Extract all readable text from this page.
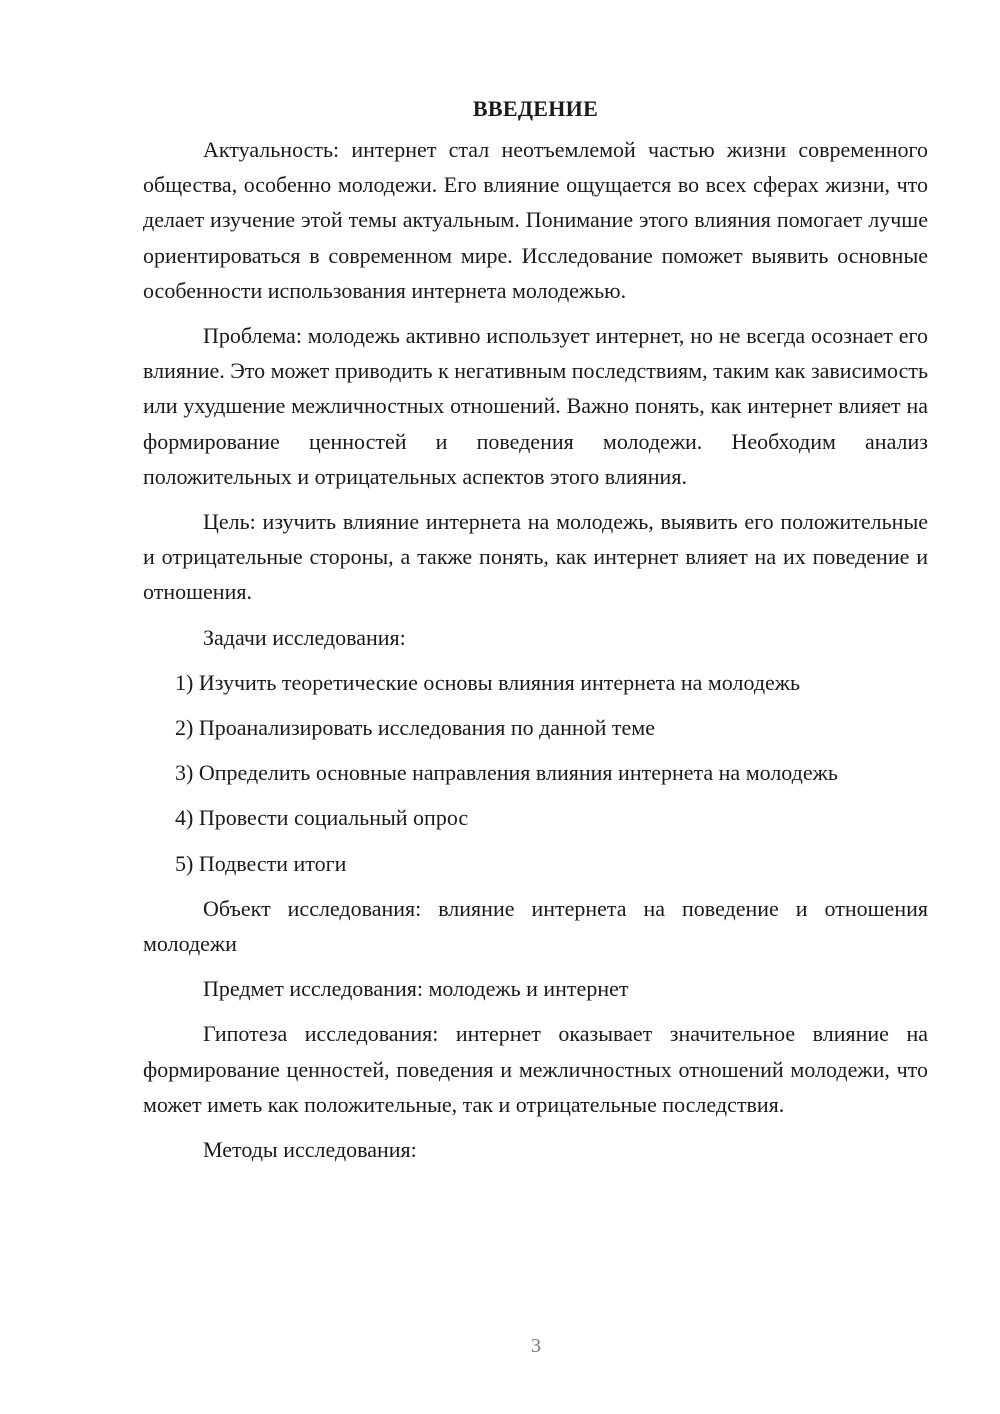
ВВЕДЕНИЕ

Актуальность: интернет стал неотъемлемой частью жизни современного общества, особенно молодежи. Его влияние ощущается во всех сферах жизни, что делает изучение этой темы актуальным. Понимание этого влияния помогает лучше ориентироваться в современном мире. Исследование поможет выявить основные особенности использования интернета молодежью.

Проблема: молодежь активно использует интернет, но не всегда осознает его влияние. Это может приводить к негативным последствиям, таким как зависимость или ухудшение межличностных отношений. Важно понять, как интернет влияет на формирование ценностей и поведения молодежи. Необходим анализ положительных и отрицательных аспектов этого влияния.

Цель: изучить влияние интернета на молодежь, выявить его положительные и отрицательные стороны, а также понять, как интернет влияет на их поведение и отношения.

Задачи исследования:

1) Изучить теоретические основы влияния интернета на молодежь
2) Проанализировать исследования по данной теме
3) Определить основные направления влияния интернета на молодежь
4) Провести социальный опрос
5) Подвести итоги

Объект исследования: влияние интернета на поведение и отношения молодежи

Предмет исследования: молодежь и интернет

Гипотеза исследования: интернет оказывает значительное влияние на формирование ценностей, поведения и межличностных отношений молодежи, что может иметь как положительные, так и отрицательные последствия.

Методы исследования:

3
